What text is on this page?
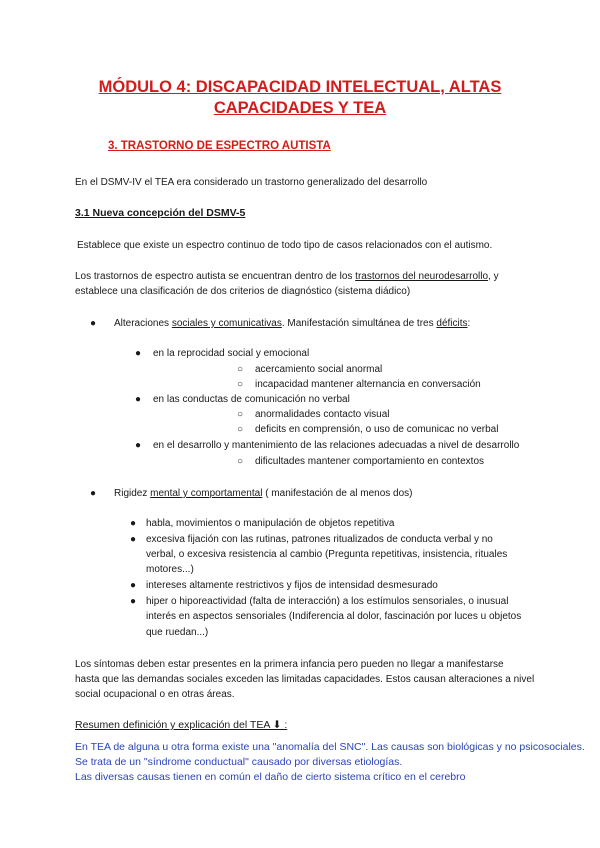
MÓDULO 4: DISCAPACIDAD INTELECTUAL, ALTAS
CAPACIDADES Y TEA
3. TRASTORNO DE ESPECTRO AUTISTA
En el DSMV-IV el TEA era considerado un trastorno generalizado del desarrollo
3.1 Nueva concepción del DSMV-5
Establece que existe un espectro continuo de todo tipo de casos relacionados con el autismo.
Los trastornos de espectro autista se encuentran dentro de los trastornos del neurodesarrollo, y
establece una clasificación de dos criterios de diagnóstico (sistema diádico)
● Alteraciones sociales y comunicativas. Manifestación simultánea de tres déficits:
● en la reprocidad social y emocional
○ acercamiento social anormal
○ incapacidad mantener alternancia en conversación
● en las conductas de comunicación no verbal
○ anormalidades contacto visual
○ deficits en comprensión, o uso de comunicac no verbal
● en el desarrollo y mantenimiento de las relaciones adecuadas a nivel de desarrollo
○ dificultades mantener comportamiento en contextos
● Rigidez mental y comportamental ( manifestación de al menos dos)
● habla, movimientos o manipulación de objetos repetitiva
● excesiva fijación con las rutinas, patrones ritualizados de conducta verbal y no
verbal, o excesiva resistencia al cambio (Pregunta repetitivas, insistencia, rituales
motores...)
● intereses altamente restrictivos y fijos de intensidad desmesurado
● hiper o hiporeactividad (falta de interacción) a los estímulos sensoriales, o inusual
interés en aspectos sensoriales (Indiferencia al dolor, fascinación por luces u objetos
que ruedan...)
Los síntomas deben estar presentes en la primera infancia pero pueden no llegar a manifestarse
hasta que las demandas sociales exceden las limitadas capacidades. Estos causan alteraciones a nivel
social ocupacional o en otras áreas.
Resumen definición y explicación del TEA ⬇ :
En TEA de alguna u otra forma existe una "anomalía del SNC". Las causas son biológicas y no psicosociales.
Se trata de un "síndrome conductual" causado por diversas etiologías.
Las diversas causas tienen en común el daño de cierto sistema crítico en el cerebro
